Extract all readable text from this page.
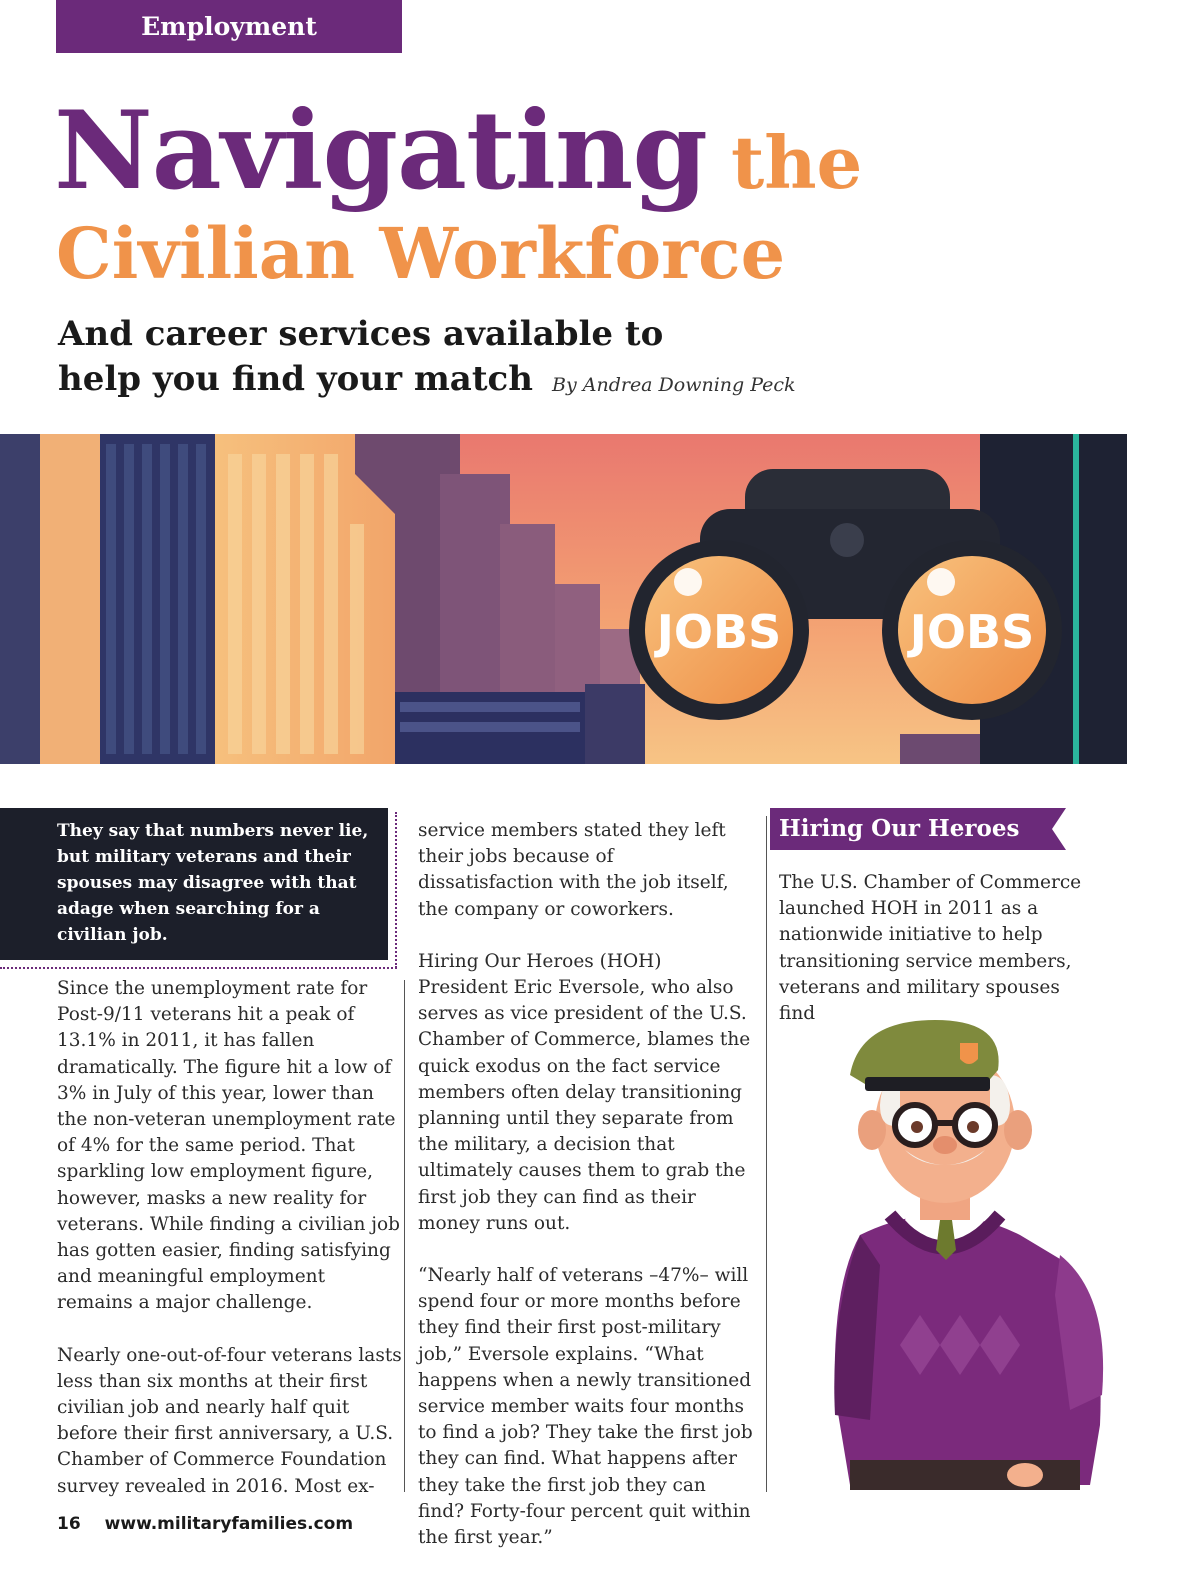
Employment
Navigating the
Civilian Workforce
And career services available to
help you find your match	By Andrea Downing Peck
JOBS	JOBS
They say that numbers never lie, but military veterans and their spouses may disagree with that adage when searching for a civilian job.

Since the unemployment rate for Post-9/11 veterans hit a peak of 13.1% in 2011, it has fallen dramatically. The figure hit a low of 3% in July of this year, lower than the non-veteran unemployment rate of 4% for the same period. That sparkling low employment figure, however, masks a new reality for veterans. While finding a civilian job has gotten easier, finding satisfying and meaningful employment remains a major challenge.

Nearly one-out-of-four veterans lasts less than six months at their first civilian job and nearly half quit before their first anniversary, a U.S. Chamber of Commerce Foundation survey revealed in 2016. Most ex-

service members stated they left their jobs because of dissatisfaction with the job itself, the company or coworkers.

Hiring Our Heroes (HOH) President Eric Eversole, who also serves as vice president of the U.S. Chamber of Commerce, blames the quick exodus on the fact service members often delay transitioning planning until they separate from the military, a decision that ultimately causes them to grab the first job they can find as their money runs out.

“Nearly half of veterans –47%– will spend four or more months before they find their first post-military job,” Eversole explains. “What happens when a newly transitioned service member waits four months to find a job? They take the first job they can find. What happens after they take the first job they can find? Forty-four percent quit within the first year.”

Hiring Our Heroes
The U.S. Chamber of Commerce launched HOH in 2011 as a nationwide initiative to help transitioning service members, veterans and military spouses find
16 www.militaryfamilies.com
